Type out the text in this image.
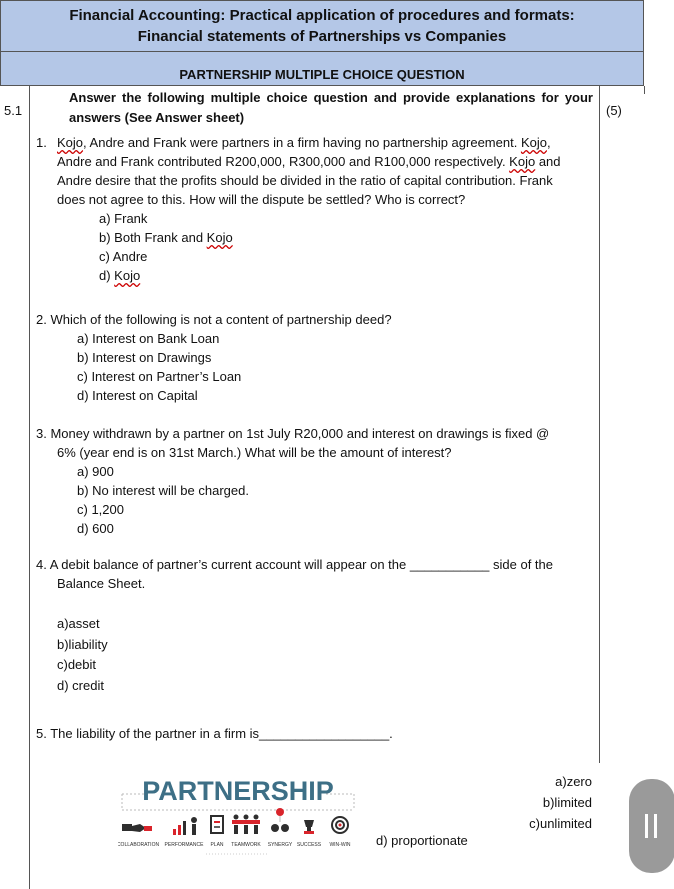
Financial Accounting: Practical application of procedures and formats:
Financial statements of Partnerships vs Companies
PARTNERSHIP MULTIPLE CHOICE QUESTION
5.1	(5)
Answer the following multiple choice question and provide explanations for your answers (See Answer sheet)
1. Kojo, Andre and Frank were partners in a firm having no partnership agreement. Kojo,
Andre and Frank contributed R200,000, R300,000 and R100,000 respectively. Kojo and
Andre desire that the profits should be divided in the ratio of capital contribution. Frank
does not agree to this. How will the dispute be settled? Who is correct?
a) Frank
b) Both Frank and Kojo
c) Andre
d) Kojo
2. Which of the following is not a content of partnership deed?
a) Interest on Bank Loan
b) Interest on Drawings
c) Interest on Partner’s Loan
d) Interest on Capital
3. Money withdrawn by a partner on 1st July R20,000 and interest on drawings is fixed @
6% (year end is on 31st March.) What will be the amount of interest?
a) 900
b) No interest will be charged.
c) 1,200
d) 600
4. A debit balance of partner’s current account will appear on the ___________ side of the
Balance Sheet.
a)asset
b)liability
c)debit
d) credit
5. The liability of the partner in a firm is__________________.
a)zero
b)limited
c)unlimited
d) proportionate
PARTNERSHIP
COLLABORATION PERFORMANCE PLAN TEAMWORK SYNERGY SUCCESS WIN-WIN
